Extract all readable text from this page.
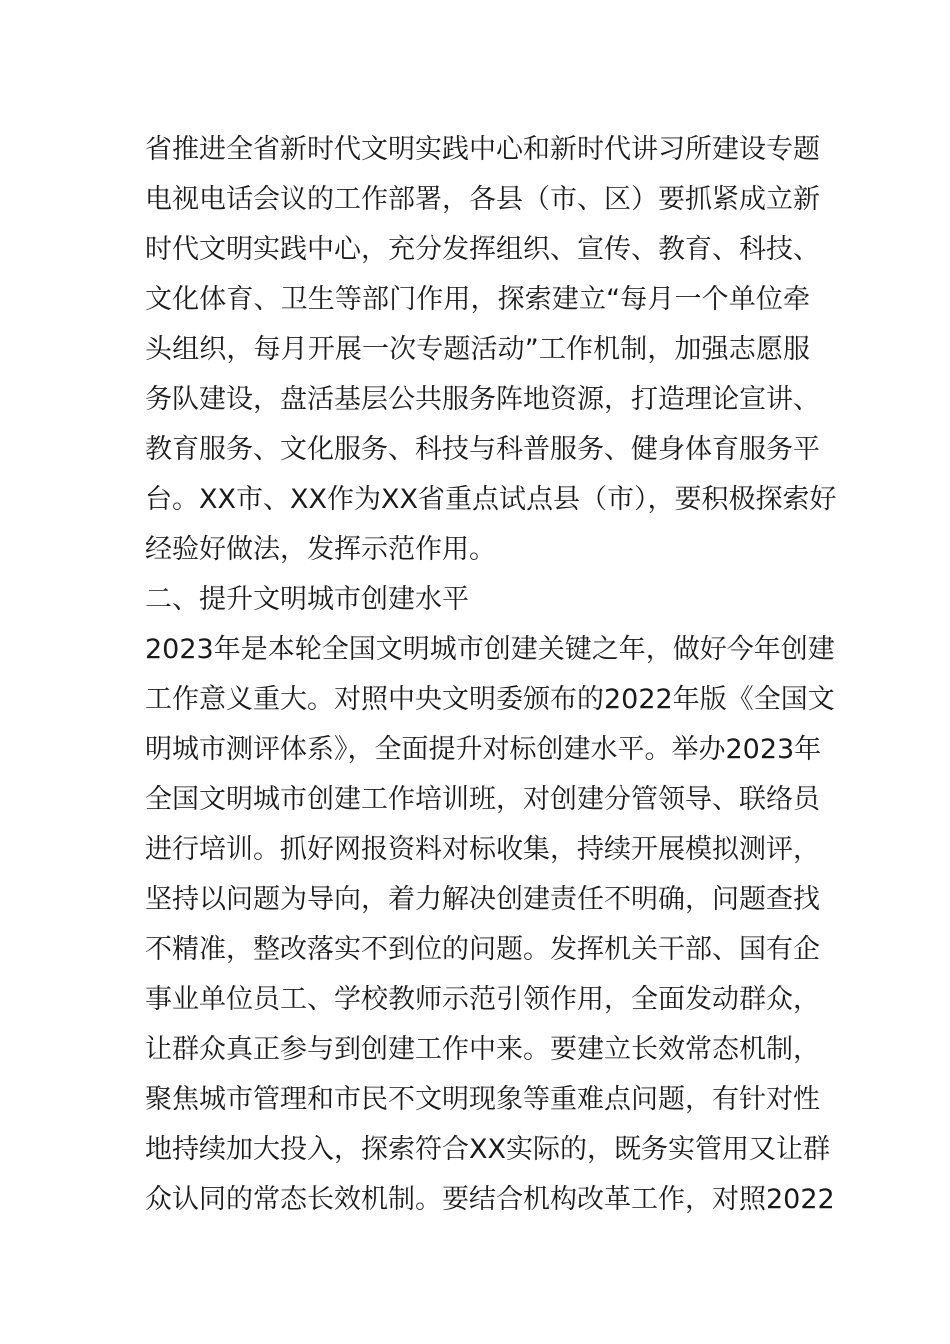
省推进全省新时代文明实践中心和新时代讲习所建设专题
电视电话会议的工作部署，各县（市、区）要抓紧成立新
时代文明实践中心，充分发挥组织、宣传、教育、科技、
文化体育、卫生等部门作用，探索建立“每月一个单位牵
头组织，每月开展一次专题活动”工作机制，加强志愿服
务队建设，盘活基层公共服务阵地资源，打造理论宣讲、
教育服务、文化服务、科技与科普服务、健身体育服务平
台。XX市、XX作为XX省重点试点县（市），要积极探索好
经验好做法，发挥示范作用。
二、提升文明城市创建水平
2023年是本轮全国文明城市创建关键之年，做好今年创建
工作意义重大。对照中央文明委颁布的2022年版《全国文
明城市测评体系》，全面提升对标创建水平。举办2023年
全国文明城市创建工作培训班，对创建分管领导、联络员
进行培训。抓好网报资料对标收集，持续开展模拟测评，
坚持以问题为导向，着力解决创建责任不明确，问题查找
不精准，整改落实不到位的问题。发挥机关干部、国有企
事业单位员工、学校教师示范引领作用，全面发动群众，
让群众真正参与到创建工作中来。要建立长效常态机制，
聚焦城市管理和市民不文明现象等重难点问题，有针对性
地持续加大投入，探索符合XX实际的，既务实管用又让群
众认同的常态长效机制。要结合机构改革工作，对照2022
